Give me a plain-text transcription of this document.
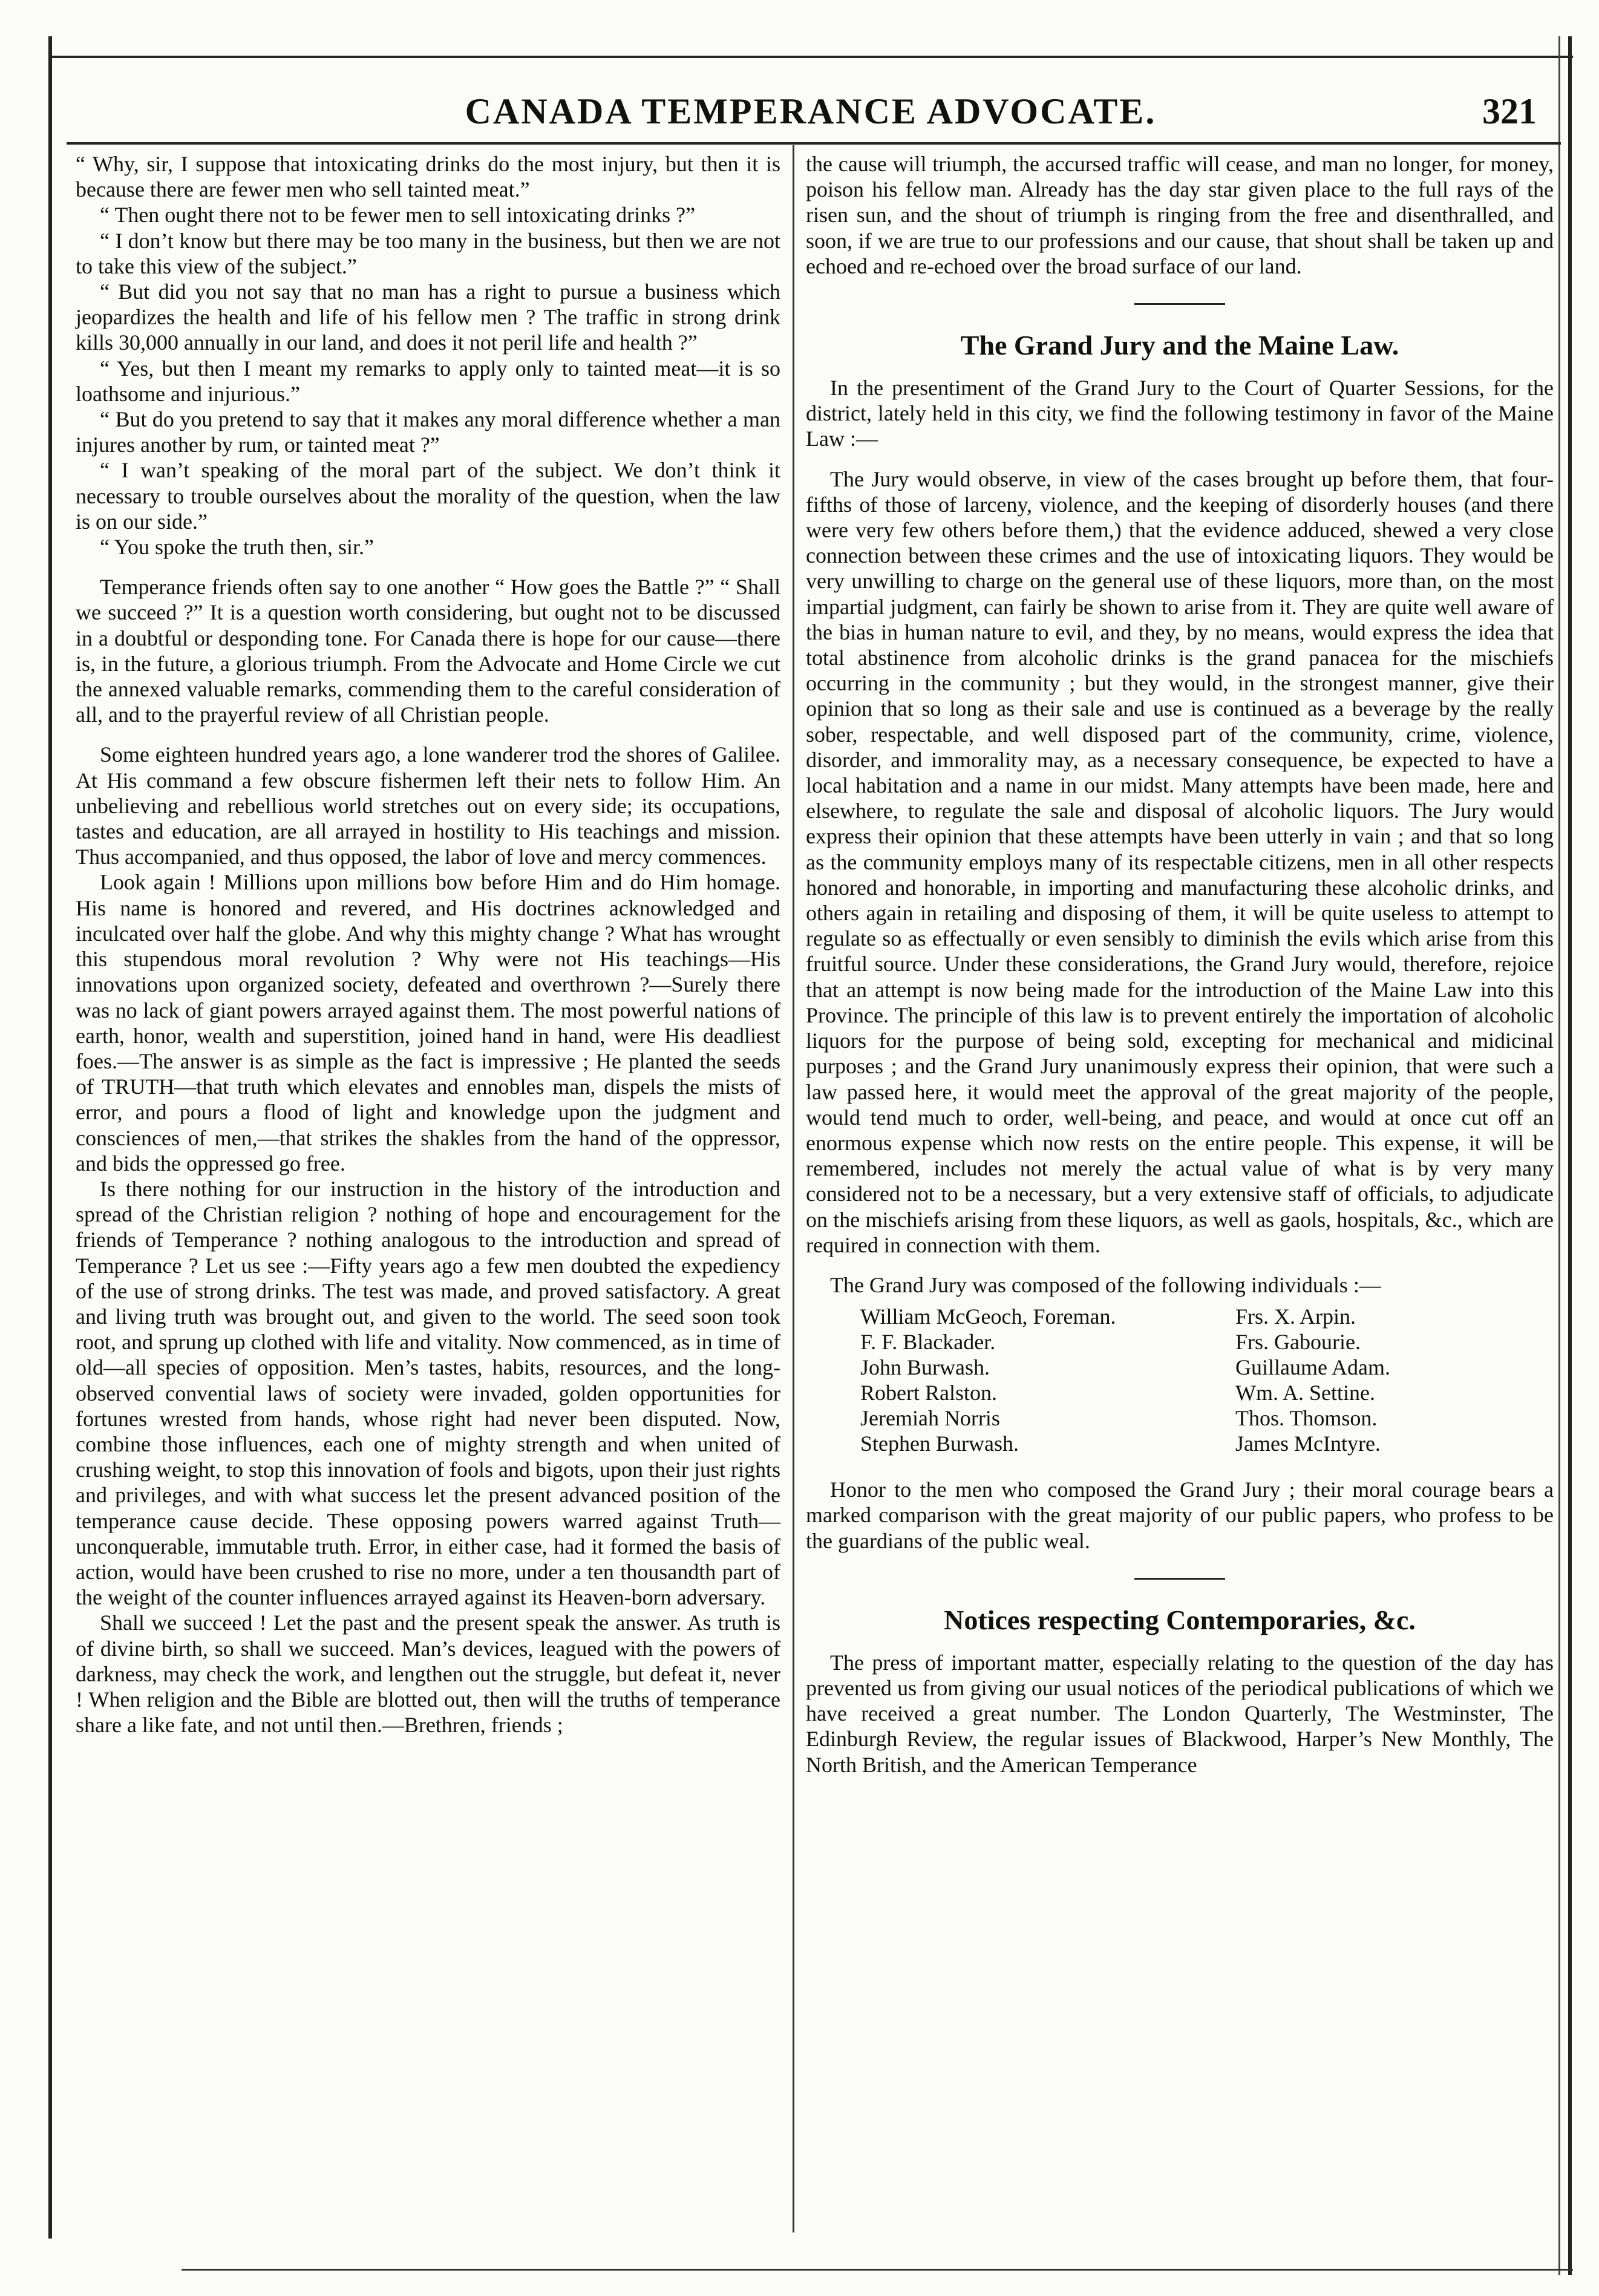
CANADA TEMPERANCE ADVOCATE.	321

“ Why, sir, I suppose that intoxicating drinks do the most injury, but then it is because there are fewer men who sell tainted meat.”

“ Then ought there not to be fewer men to sell intoxicating drinks ?”

“ I don’t know but there may be too many in the business, but then we are not to take this view of the subject.”

“ But did you not say that no man has a right to pursue a business which jeopardizes the health and life of his fellow men ? The traffic in strong drink kills 30,000 annually in our land, and does it not peril life and health ?”

“ Yes, but then I meant my remarks to apply only to tainted meat—it is so loathsome and injurious.”

“ But do you pretend to say that it makes any moral difference whether a man injures another by rum, or tainted meat ?”

“ I wan’t speaking of the moral part of the subject. We don’t think it necessary to trouble ourselves about the morality of the question, when the law is on our side.”

“ You spoke the truth then, sir.”

Temperance friends often say to one another “ How goes the Battle ?” “ Shall we succeed ?” It is a question worth considering, but ought not to be discussed in a doubtful or desponding tone. For Canada there is hope for our cause—there is, in the future, a glorious triumph. From the Advocate and Home Circle we cut the annexed valuable remarks, commending them to the careful consideration of all, and to the prayerful review of all Christian people.

Some eighteen hundred years ago, a lone wanderer trod the shores of Galilee. At His command a few obscure fishermen left their nets to follow Him. An unbelieving and rebellious world stretches out on every side; its occupations, tastes and education, are all arrayed in hostility to His teachings and mission. Thus accompanied, and thus opposed, the labor of love and mercy commences.

Look again ! Millions upon millions bow before Him and do Him homage. His name is honored and revered, and His doctrines acknowledged and inculcated over half the globe. And why this mighty change ? What has wrought this stupendous moral revolution ? Why were not His teachings—His innovations upon organized society, defeated and overthrown ?—Surely there was no lack of giant powers arrayed against them. The most powerful nations of earth, honor, wealth and superstition, joined hand in hand, were His deadliest foes.—The answer is as simple as the fact is impressive ; He planted the seeds of TRUTH—that truth which elevates and ennobles man, dispels the mists of error, and pours a flood of light and knowledge upon the judgment and consciences of men,—that strikes the shakles from the hand of the oppressor, and bids the oppressed go free.

Is there nothing for our instruction in the history of the introduction and spread of the Christian religion ? nothing of hope and encouragement for the friends of Temperance ? nothing analogous to the introduction and spread of Temperance ? Let us see :—Fifty years ago a few men doubted the expediency of the use of strong drinks. The test was made, and proved satisfactory. A great and living truth was brought out, and given to the world. The seed soon took root, and sprung up clothed with life and vitality. Now commenced, as in time of old—all species of opposition. Men’s tastes, habits, resources, and the long-observed convential laws of society were invaded, golden opportunities for fortunes wrested from hands, whose right had never been disputed. Now, combine those influences, each one of mighty strength and when united of crushing weight, to stop this innovation of fools and bigots, upon their just rights and privileges, and with what success let the present advanced position of the temperance cause decide. These opposing powers warred against Truth—unconquerable, immutable truth. Error, in either case, had it formed the basis of action, would have been crushed to rise no more, under a ten thousandth part of the weight of the counter influences arrayed against its Heaven-born adversary.

Shall we succeed ! Let the past and the present speak the answer. As truth is of divine birth, so shall we succeed. Man’s devices, leagued with the powers of darkness, may check the work, and lengthen out the struggle, but defeat it, never ! When religion and the Bible are blotted out, then will the truths of temperance share a like fate, and not until then.—Brethren, friends ;

the cause will triumph, the accursed traffic will cease, and man no longer, for money, poison his fellow man. Already has the day star given place to the full rays of the risen sun, and the shout of triumph is ringing from the free and disenthralled, and soon, if we are true to our professions and our cause, that shout shall be taken up and echoed and re-echoed over the broad surface of our land.

The Grand Jury and the Maine Law.

In the presentiment of the Grand Jury to the Court of Quarter Sessions, for the district, lately held in this city, we find the following testimony in favor of the Maine Law :—

The Jury would observe, in view of the cases brought up before them, that four-fifths of those of larceny, violence, and the keeping of disorderly houses (and there were very few others before them,) that the evidence adduced, shewed a very close connection between these crimes and the use of intoxicating liquors. They would be very unwilling to charge on the general use of these liquors, more than, on the most impartial judgment, can fairly be shown to arise from it. They are quite well aware of the bias in human nature to evil, and they, by no means, would express the idea that total abstinence from alcoholic drinks is the grand panacea for the mischiefs occurring in the community ; but they would, in the strongest manner, give their opinion that so long as their sale and use is continued as a beverage by the really sober, respectable, and well disposed part of the community, crime, violence, disorder, and immorality may, as a necessary consequence, be expected to have a local habitation and a name in our midst. Many attempts have been made, here and elsewhere, to regulate the sale and disposal of alcoholic liquors. The Jury would express their opinion that these attempts have been utterly in vain ; and that so long as the community employs many of its respectable citizens, men in all other respects honored and honorable, in importing and manufacturing these alcoholic drinks, and others again in retailing and disposing of them, it will be quite useless to attempt to regulate so as effectually or even sensibly to diminish the evils which arise from this fruitful source. Under these considerations, the Grand Jury would, therefore, rejoice that an attempt is now being made for the introduction of the Maine Law into this Province. The principle of this law is to prevent entirely the importation of alcoholic liquors for the purpose of being sold, excepting for mechanical and midicinal purposes ; and the Grand Jury unanimously express their opinion, that were such a law passed here, it would meet the approval of the great majority of the people, would tend much to order, well-being, and peace, and would at once cut off an enormous expense which now rests on the entire people. This expense, it will be remembered, includes not merely the actual value of what is by very many considered not to be a necessary, but a very extensive staff of officials, to adjudicate on the mischiefs arising from these liquors, as well as gaols, hospitals, &c., which are required in connection with them.

The Grand Jury was composed of the following individuals :—

William McGeoch, Foreman.	Frs. X. Arpin.
F. F. Blackader.	Frs. Gabourie.
John Burwash.	Guillaume Adam.
Robert Ralston.	Wm. A. Settine.
Jeremiah Norris	Thos. Thomson.
Stephen Burwash.	James McIntyre.

Honor to the men who composed the Grand Jury ; their moral courage bears a marked comparison with the great majority of our public papers, who profess to be the guardians of the public weal.

Notices respecting Contemporaries, &c.

The press of important matter, especially relating to the question of the day has prevented us from giving our usual notices of the periodical publications of which we have received a great number. The London Quarterly, The Westminster, The Edinburgh Review, the regular issues of Blackwood, Harper’s New Monthly, The North British, and the American Temperance
